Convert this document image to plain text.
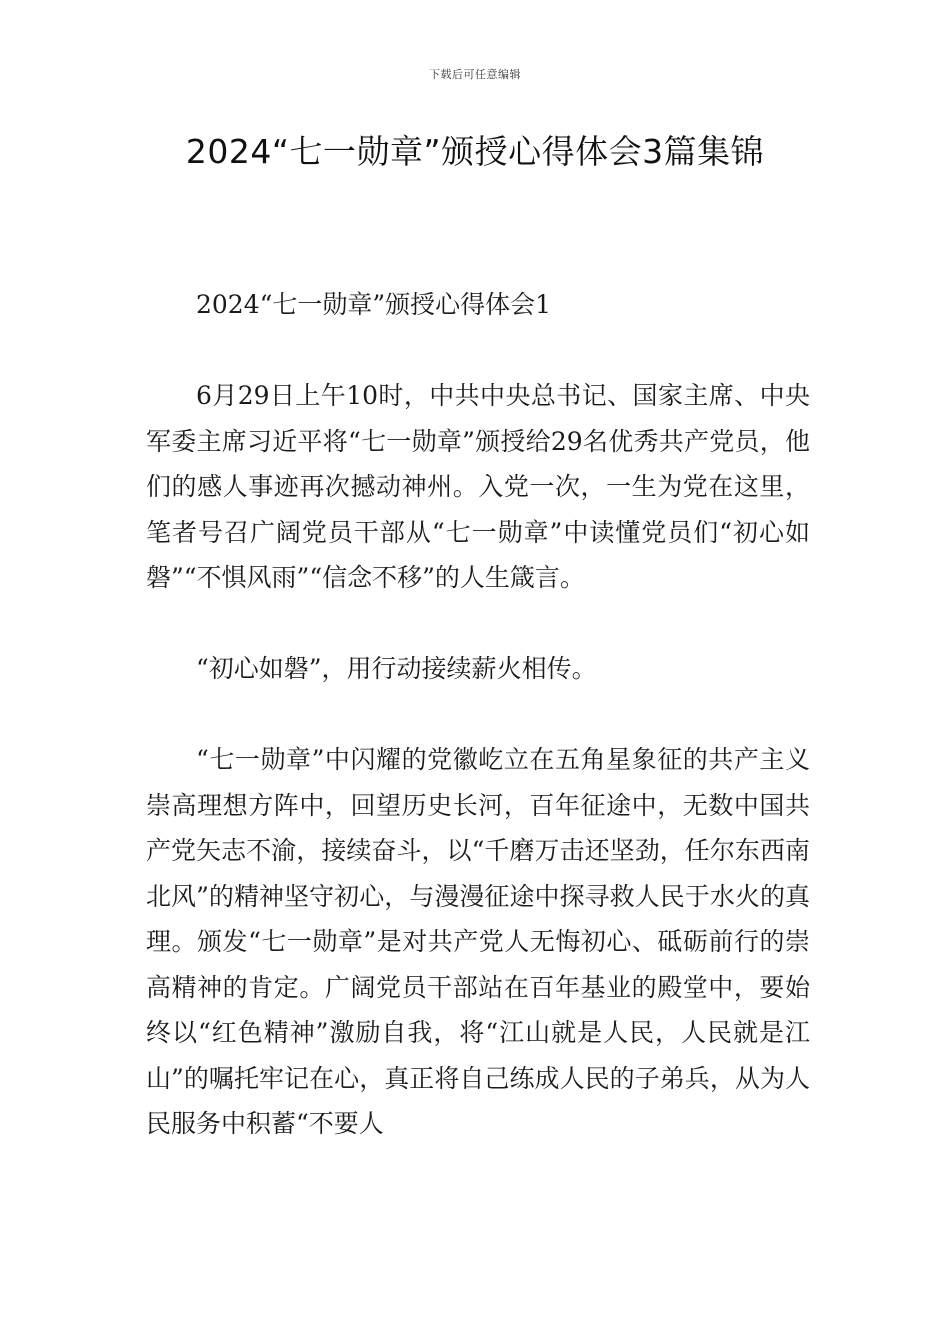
下载后可任意编辑
2024“七一勋章”颁授心得体会3篇集锦

2024“七一勋章”颁授心得体会1

6月29日上午10时，中共中央总书记、国家主席、中央军委主席习近平将“七一勋章”颁授给29名优秀共产党员，他们的感人事迹再次撼动神州。入党一次，一生为党在这里，笔者号召广阔党员干部从“七一勋章”中读懂党员们“初心如磐”“不惧风雨”“信念不移”的人生箴言。

“初心如磐”，用行动接续薪火相传。

“七一勋章”中闪耀的党徽屹立在五角星象征的共产主义崇高理想方阵中，回望历史长河，百年征途中，无数中国共产党矢志不渝，接续奋斗，以“千磨万击还坚劲，任尔东西南北风”的精神坚守初心，与漫漫征途中探寻救人民于水火的真理。颁发“七一勋章”是对共产党人无悔初心、砥砺前行的崇高精神的肯定。广阔党员干部站在百年基业的殿堂中，要始终以“红色精神”激励自我，将“江山就是人民，人民就是江山”的嘱托牢记在心，真正将自己练成人民的子弟兵，从为人民服务中积蓄“不要人
